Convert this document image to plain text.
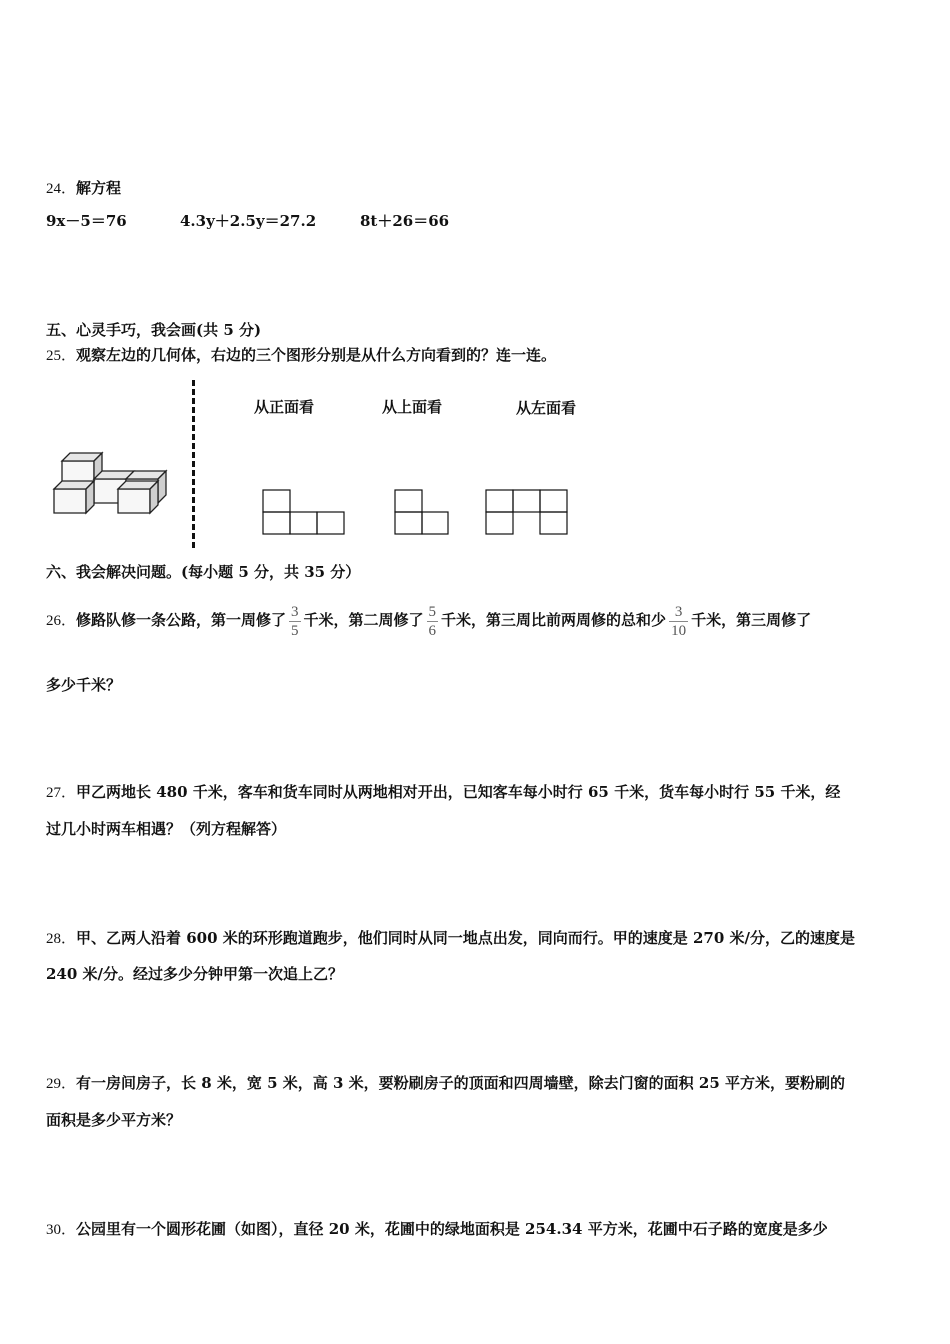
24．解方程
9x－5＝76	4.3y＋2.5y＝27.2	8t＋26＝66
五、心灵手巧，我会画(共 5 分)
25．观察左边的几何体，右边的三个图形分别是从什么方向看到的？连一连。
从正面看	从上面看	从左面看
六、我会解决问题。(每小题 5 分，共 35 分）
26．修路队修一条公路，第一周修了 $\frac{3}{5}$ 千米，第二周修了 $\frac{5}{6}$ 千米，第三周比前两周修的总和少 $\frac{3}{10}$ 千米，第三周修了
多少千米？
27．甲乙两地长 480 千米，客车和货车同时从两地相对开出，已知客车每小时行 65 千米，货车每小时行 55 千米，经
过几小时两车相遇？（列方程解答）
28．甲、乙两人沿着 600 米的环形跑道跑步，他们同时从同一地点出发，同向而行。甲的速度是 270 米/分，乙的速度是
240 米/分。经过多少分钟甲第一次追上乙？
29．有一房间房子，长 8 米，宽 5 米，高 3 米，要粉刷房子的顶面和四周墙壁，除去门窗的面积 25 平方米，要粉刷的
面积是多少平方米？
30．公园里有一个圆形花圃（如图），直径 20 米，花圃中的绿地面积是 254.34 平方米，花圃中石子路的宽度是多少
